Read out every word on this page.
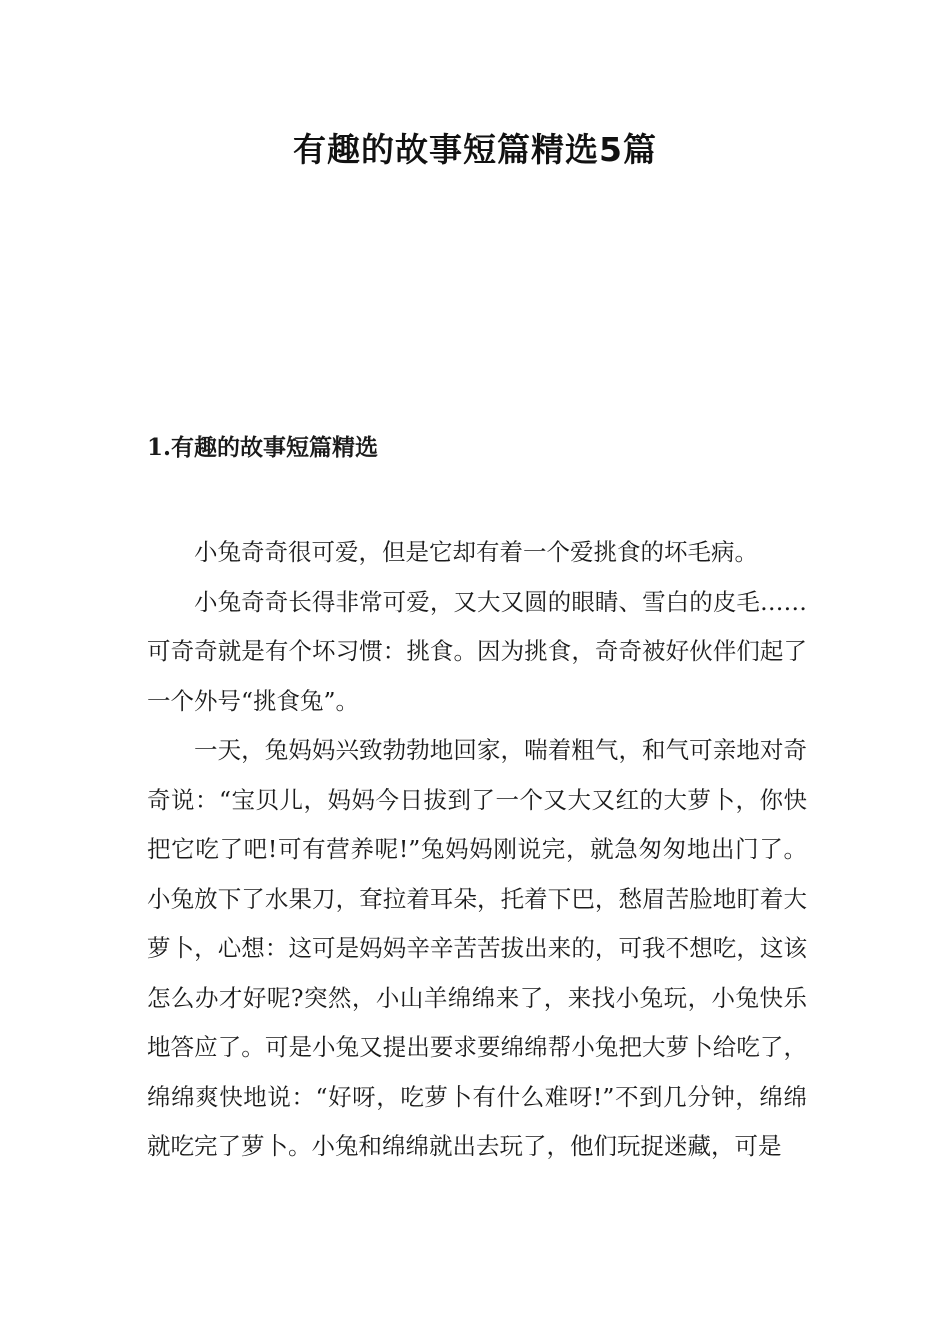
有趣的故事短篇精选5篇
1.有趣的故事短篇精选

小兔奇奇很可爱，但是它却有着一个爱挑食的坏毛病。

小兔奇奇长得非常可爱，又大又圆的眼睛、雪白的皮毛……可奇奇就是有个坏习惯：挑食。因为挑食，奇奇被好伙伴们起了一个外号“挑食兔”。

一天，兔妈妈兴致勃勃地回家，喘着粗气，和气可亲地对奇奇说：“宝贝儿，妈妈今日拔到了一个又大又红的大萝卜，你快把它吃了吧!可有营养呢!”兔妈妈刚说完，就急匆匆地出门了。小兔放下了水果刀，耷拉着耳朵，托着下巴，愁眉苦脸地盯着大萝卜，心想：这可是妈妈辛辛苦苦拔出来的，可我不想吃，这该怎么办才好呢?突然，小山羊绵绵来了，来找小兔玩，小兔快乐地答应了。可是小兔又提出要求要绵绵帮小兔把大萝卜给吃了，绵绵爽快地说：“好呀，吃萝卜有什么难呀!”不到几分钟，绵绵就吃完了萝卜。小兔和绵绵就出去玩了，他们玩捉迷藏，可是
